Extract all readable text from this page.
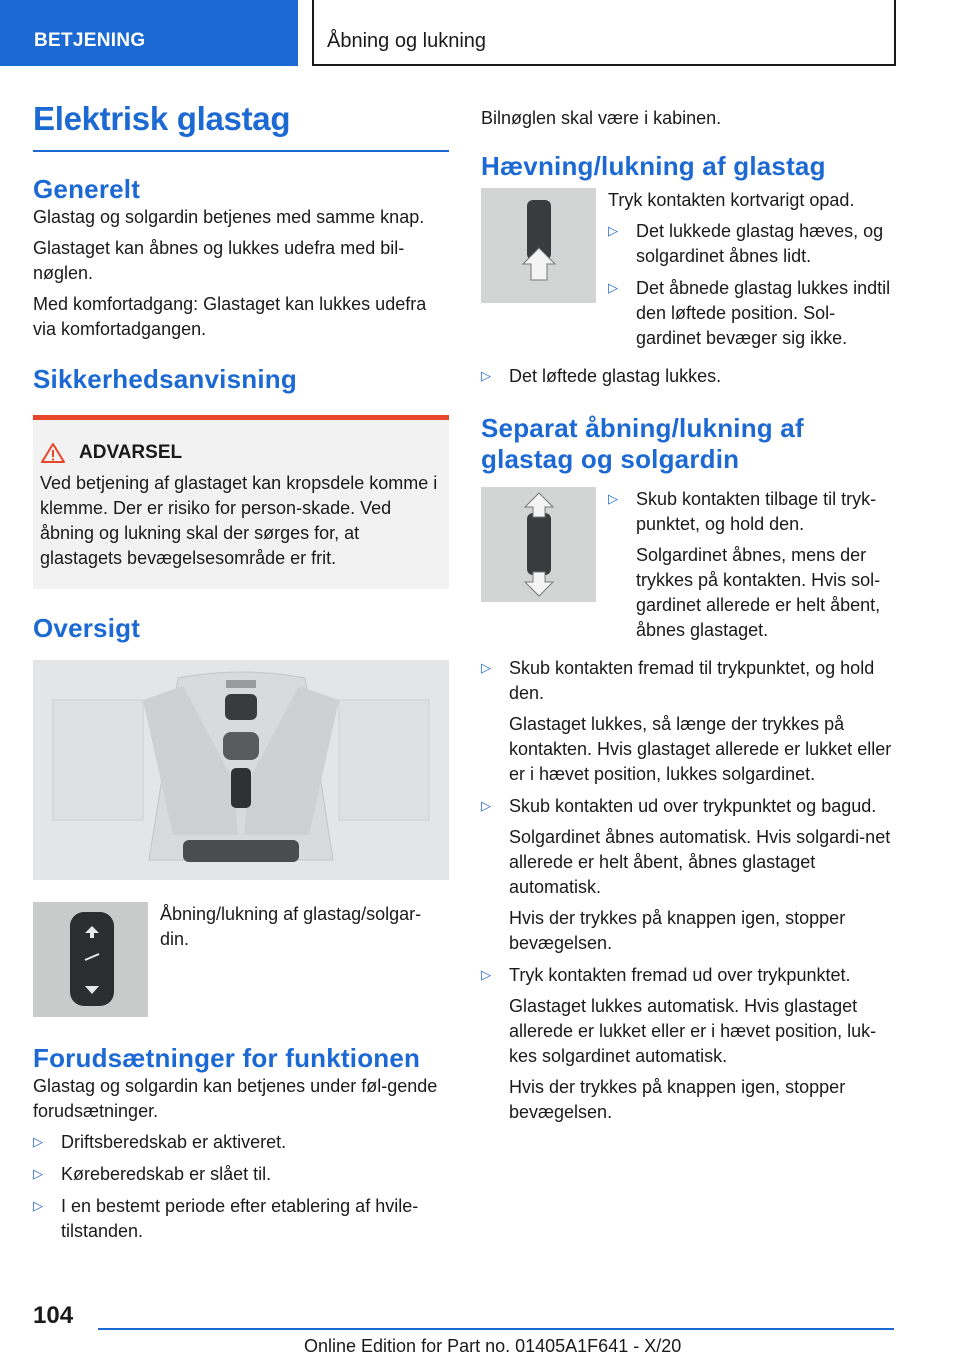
BETJENING	Åbning og lukning
Elektrisk glastag
Generelt

Glastag og solgardin betjenes med samme knap.

Glastaget kan åbnes og lukkes udefra med bil-nøglen.

Med komfortadgang: Glastaget kan lukkes udefra via komfortadgangen.

Sikkerhedsanvisning
ADVARSEL

Ved betjening af glastaget kan kropsdele komme i klemme. Der er risiko for person-skade. Ved åbning og lukning skal der sørges for, at glastagets bevægelsesområde er frit.

Oversigt
Åbning/lukning af glastag/solgar-din.
Forudsætninger for funktionen

Glastag og solgardin kan betjenes under føl-gende forudsætninger.

▷ Driftsberedskab er aktiveret.
▷ Køreberedskab er slået til.
▷ I en bestemt periode efter etablering af hvile-tilstanden.

Bilnøglen skal være i kabinen.

Hævning/lukning af glastag

Tryk kontakten kortvarigt opad.

▷ Det lukkede glastag hæves, og solgardinet åbnes lidt.
▷ Det åbnede glastag lukkes indtil den løftede position. Sol-gardinet bevæger sig ikke.
▷ Det løftede glastag lukkes.
Separat åbning/lukning af glastag og solgardin
▷ Skub kontakten tilbage til tryk-punktet, og hold den.

Solgardinet åbnes, mens der trykkes på kontakten. Hvis sol-gardinet allerede er helt åbent, åbnes glastaget.

▷ Skub kontakten fremad til trykpunktet, og hold den.

Glastaget lukkes, så længe der trykkes på kontakten. Hvis glastaget allerede er lukket eller er i hævet position, lukkes solgardinet.

▷ Skub kontakten ud over trykpunktet og bagud.

Solgardinet åbnes automatisk. Hvis solgardi-net allerede er helt åbent, åbnes glastaget automatisk.

Hvis der trykkes på knappen igen, stopper bevægelsen.

▷ Tryk kontakten fremad ud over trykpunktet.

Glastaget lukkes automatisk. Hvis glastaget allerede er lukket eller er i hævet position, luk-kes solgardinet automatisk.

Hvis der trykkes på knappen igen, stopper bevægelsen.

104
Online Edition for Part no. 01405A1F641 - X/20
